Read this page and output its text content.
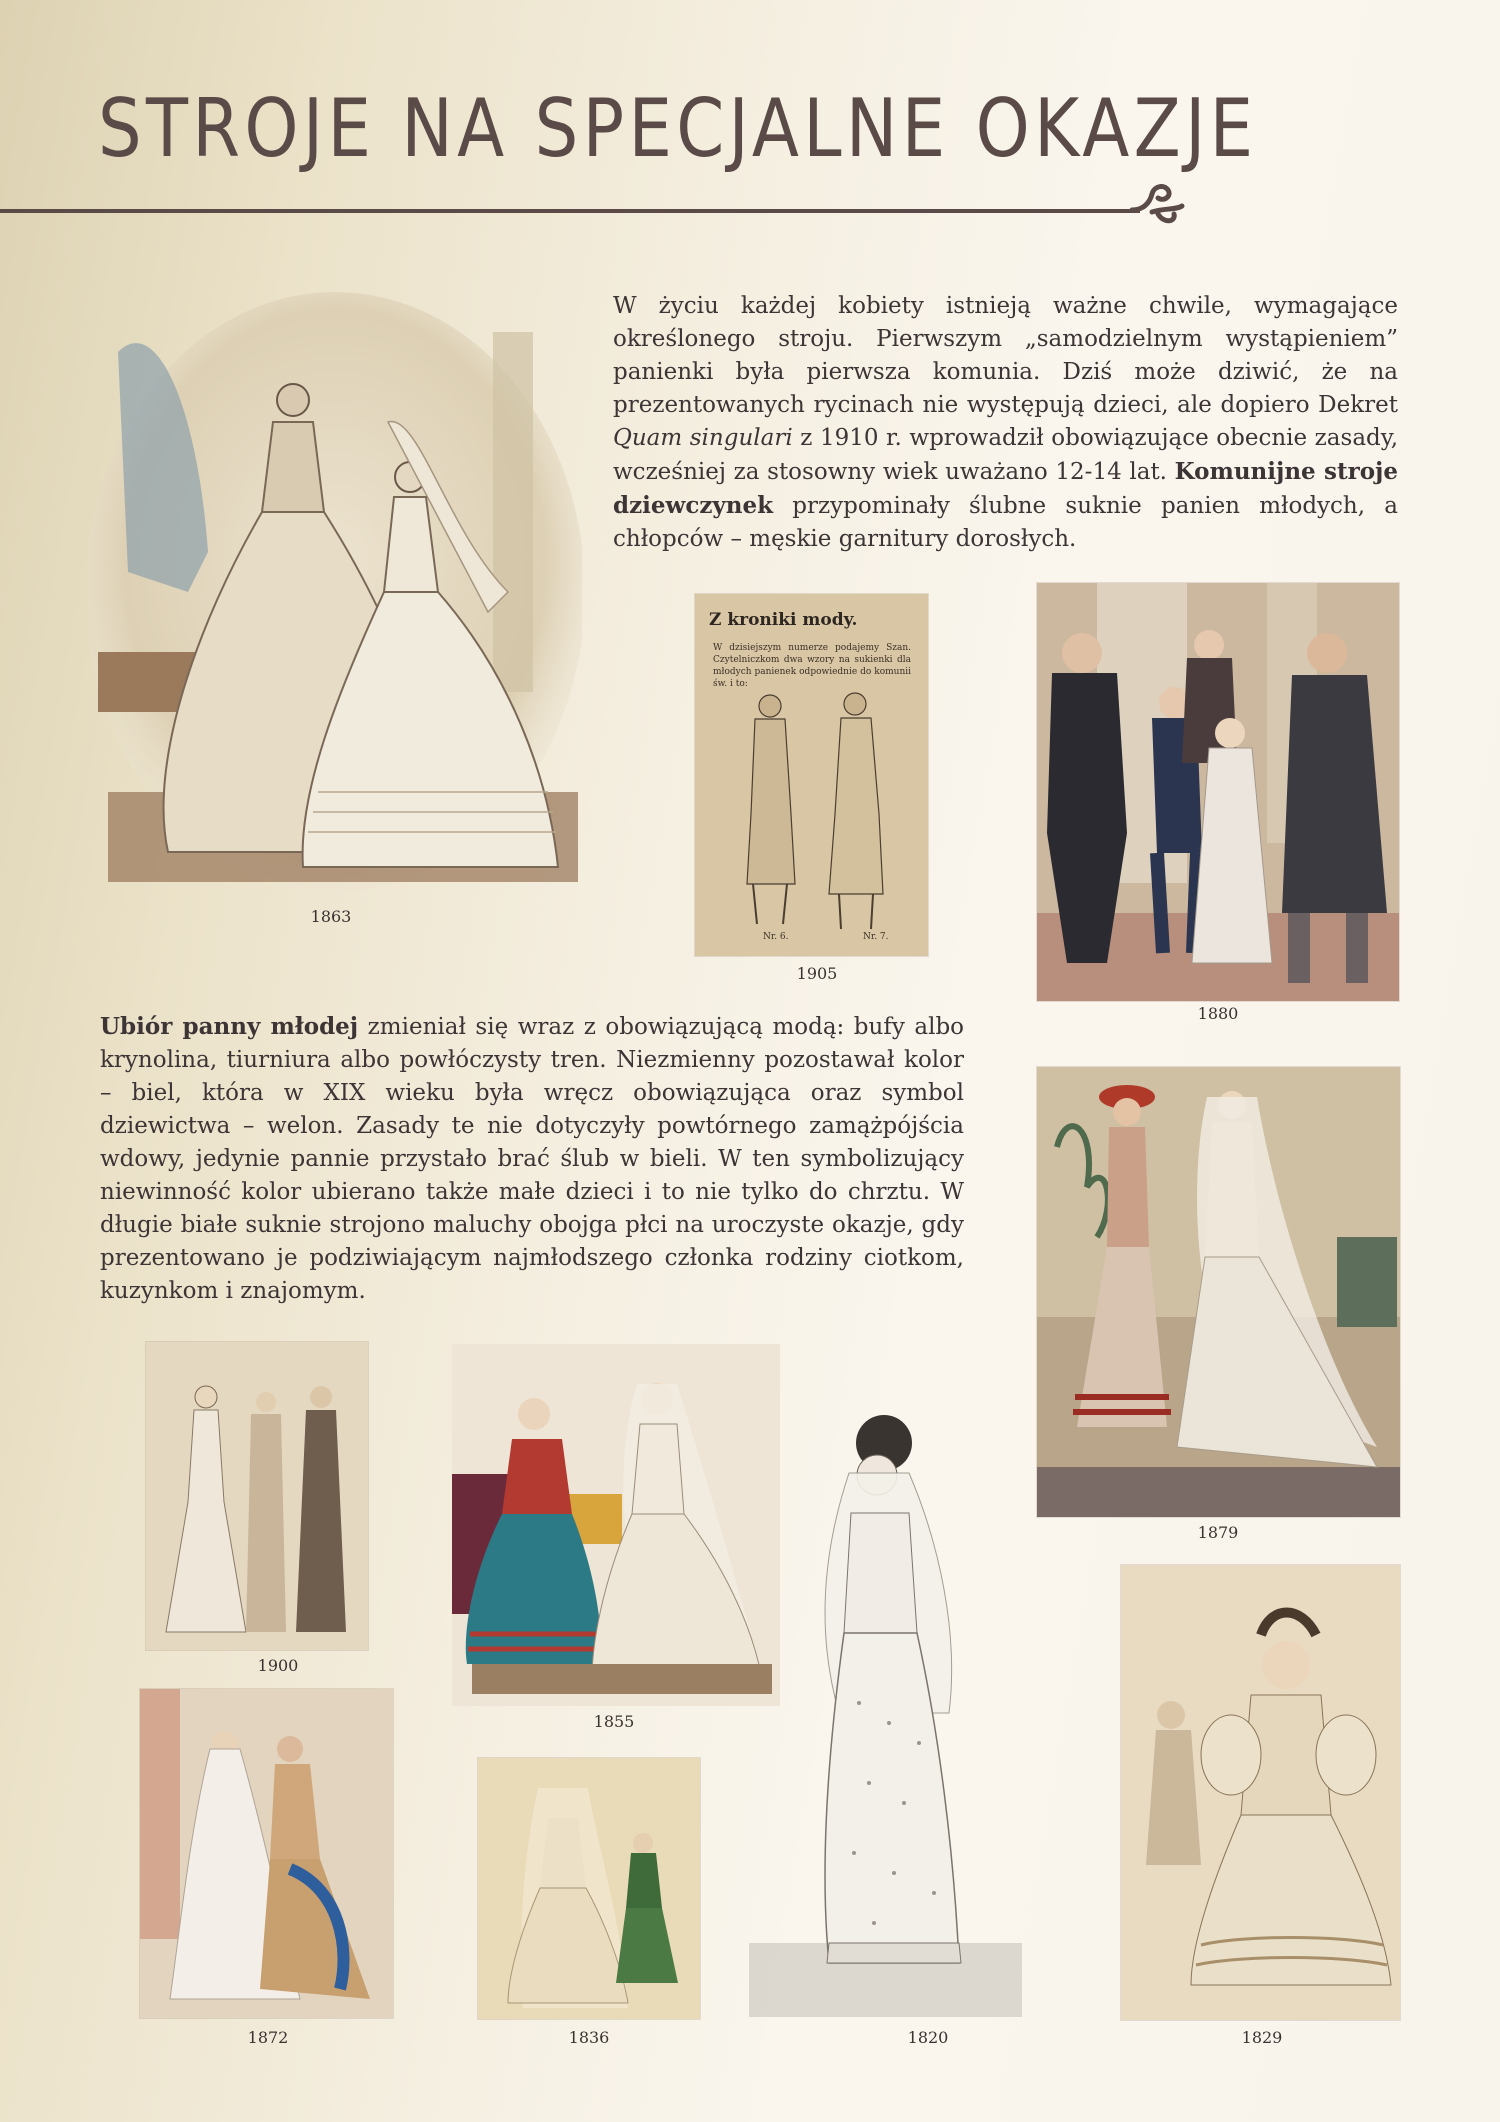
STROJE NA SPECJALNE OKAZJE
W życiu każdej kobiety istnieją ważne chwile, wymagające określonego stroju. Pierwszym „samodzielnym wystąpieniem” panienki była pierwsza komunia. Dziś może dziwić, że na prezentowanych rycinach nie występują dzieci, ale dopiero Dekret Quam singulari z 1910 r. wprowadził obowiązujące obecnie zasady, wcześniej za stosowny wiek uważano 12-14 lat. Komunijne stroje dziewczynek przypominały ślubne suknie panien młodych, a chłopców – męskie garnitury dorosłych.
Ubiór panny młodej zmieniał się wraz z obowiązującą modą: bufy albo krynolina, tiurniura albo powłóczysty tren. Niezmienny pozostawał kolor – biel, która w XIX wieku była wręcz obowiązująca oraz symbol dziewictwa – welon. Zasady te nie dotyczyły powtórnego zamążpójścia wdowy, jedynie pannie przystało brać ślub w bieli. W ten symbolizujący niewinność kolor ubierano także małe dzieci i to nie tylko do chrztu. W długie białe suknie strojono maluchy obojga płci na uroczyste okazje, gdy prezentowano je podziwiającym najmłodszego członka rodziny ciotkom, kuzynkom i znajomym.
1863
Z kroniki mody.
W dzisiejszym numerze podajemy Szan. Czytelniczkom dwa wzory na sukienki dla młodych panienek odpowiednie do komunii św. i to:
Nr. 6.	Nr. 7.
1905
1880
1879
1900
1855
1872	1836	1820	1829
